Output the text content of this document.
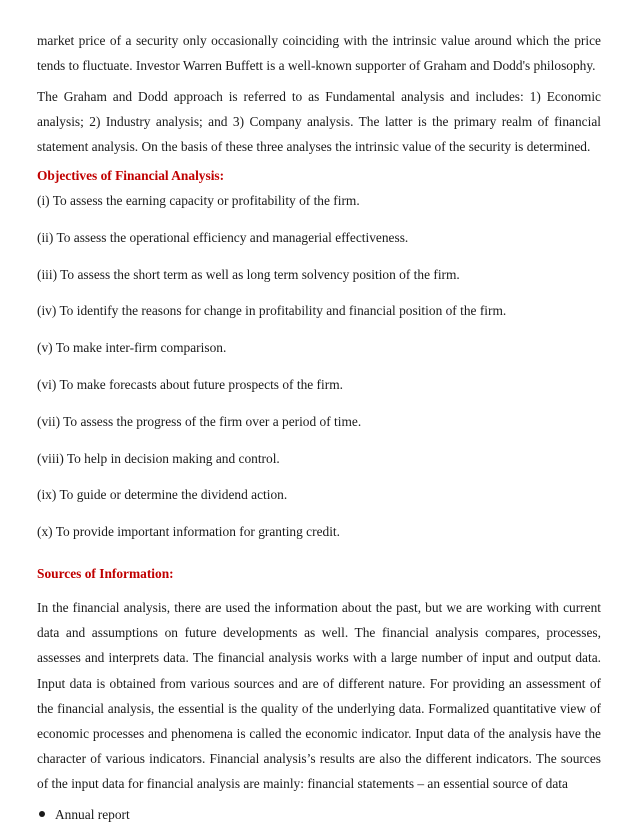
market price of a security only occasionally coinciding with the intrinsic value around which the price tends to fluctuate. Investor Warren Buffett is a well-known supporter of Graham and Dodd's philosophy.

The Graham and Dodd approach is referred to as Fundamental analysis and includes: 1) Economic analysis; 2) Industry analysis; and 3) Company analysis. The latter is the primary realm of financial statement analysis. On the basis of these three analyses the intrinsic value of the security is determined.

Objectives of Financial Analysis:

(i) To assess the earning capacity or profitability of the firm.
(ii) To assess the operational efficiency and managerial effectiveness.
(iii) To assess the short term as well as long term solvency position of the firm.
(iv) To identify the reasons for change in profitability and financial position of the firm.
(v) To make inter-firm comparison.
(vi) To make forecasts about future prospects of the firm.
(vii) To assess the progress of the firm over a period of time.
(viii) To help in decision making and control.
(ix) To guide or determine the dividend action.
(x) To provide important information for granting credit.

Sources of Information:

In the financial analysis, there are used the information about the past, but we are working with current data and assumptions on future developments as well. The financial analysis compares, processes, assesses and interprets data. The financial analysis works with a large number of input and output data. Input data is obtained from various sources and are of different nature. For providing an assessment of the financial analysis, the essential is the quality of the underlying data. Formalized quantitative view of economic processes and phenomena is called the economic indicator. Input data of the analysis have the character of various indicators. Financial analysis’s results are also the different indicators. The sources of the input data for financial analysis are mainly: financial statements – an essential source of data

Annual report
